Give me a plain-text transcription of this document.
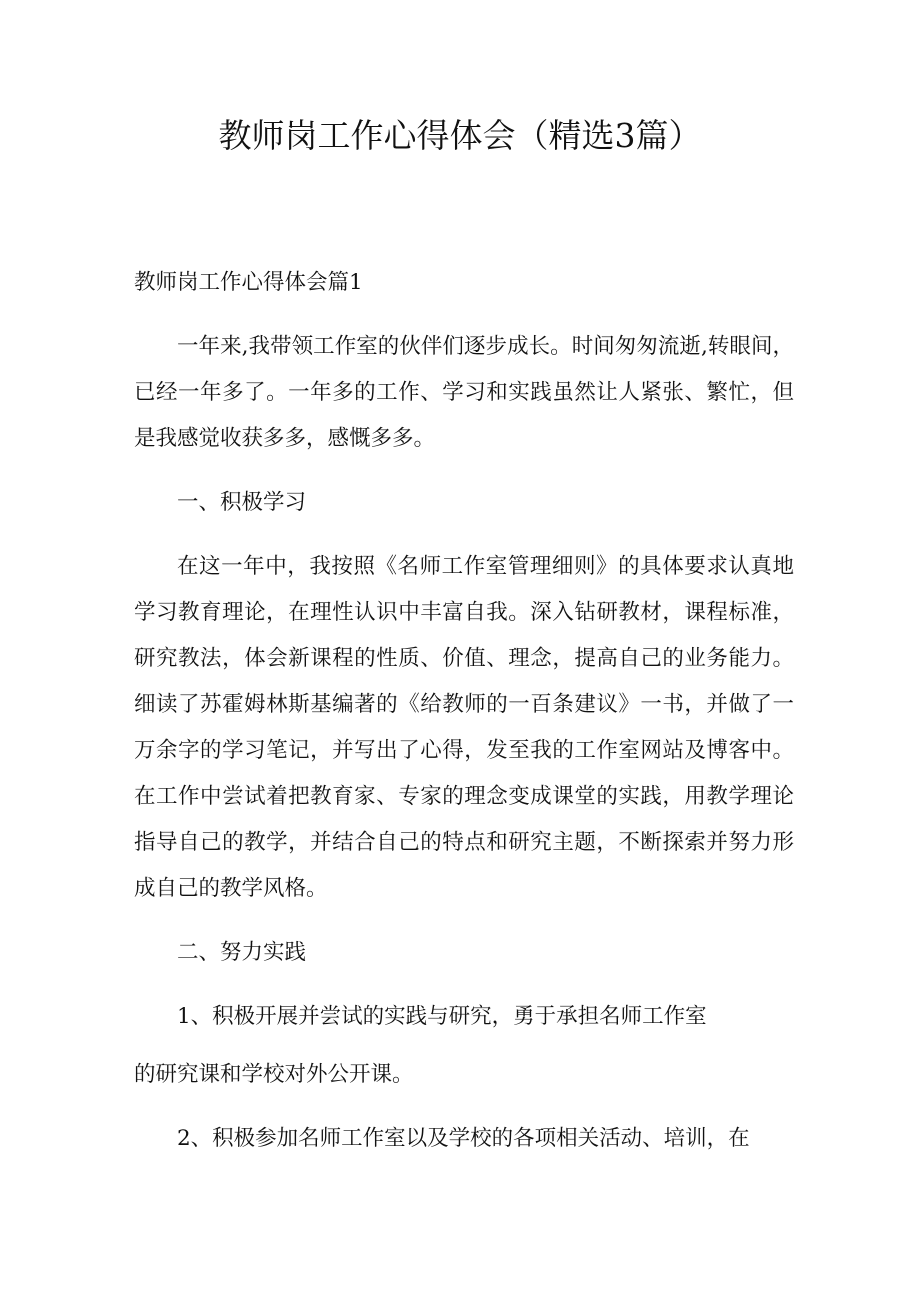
教师岗工作心得体会（精选3篇）
教师岗工作心得体会篇1

一年来,我带领工作室的伙伴们逐步成长。时间匆匆流逝,转眼间，已经一年多了。一年多的工作、学习和实践虽然让人紧张、繁忙，但是我感觉收获多多，感慨多多。

一、积极学习

在这一年中，我按照《名师工作室管理细则》的具体要求认真地学习教育理论，在理性认识中丰富自我。深入钻研教材，课程标准，研究教法，体会新课程的性质、价值、理念，提高自己的业务能力。细读了苏霍姆林斯基编著的《给教师的一百条建议》一书，并做了一万余字的学习笔记，并写出了心得，发至我的工作室网站及博客中。在工作中尝试着把教育家、专家的理念变成课堂的实践，用教学理论指导自己的教学，并结合自己的特点和研究主题，不断探索并努力形成自己的教学风格。

二、努力实践

1、积极开展并尝试的实践与研究，勇于承担名师工作室

的研究课和学校对外公开课。

2、积极参加名师工作室以及学校的各项相关活动、培训，在
